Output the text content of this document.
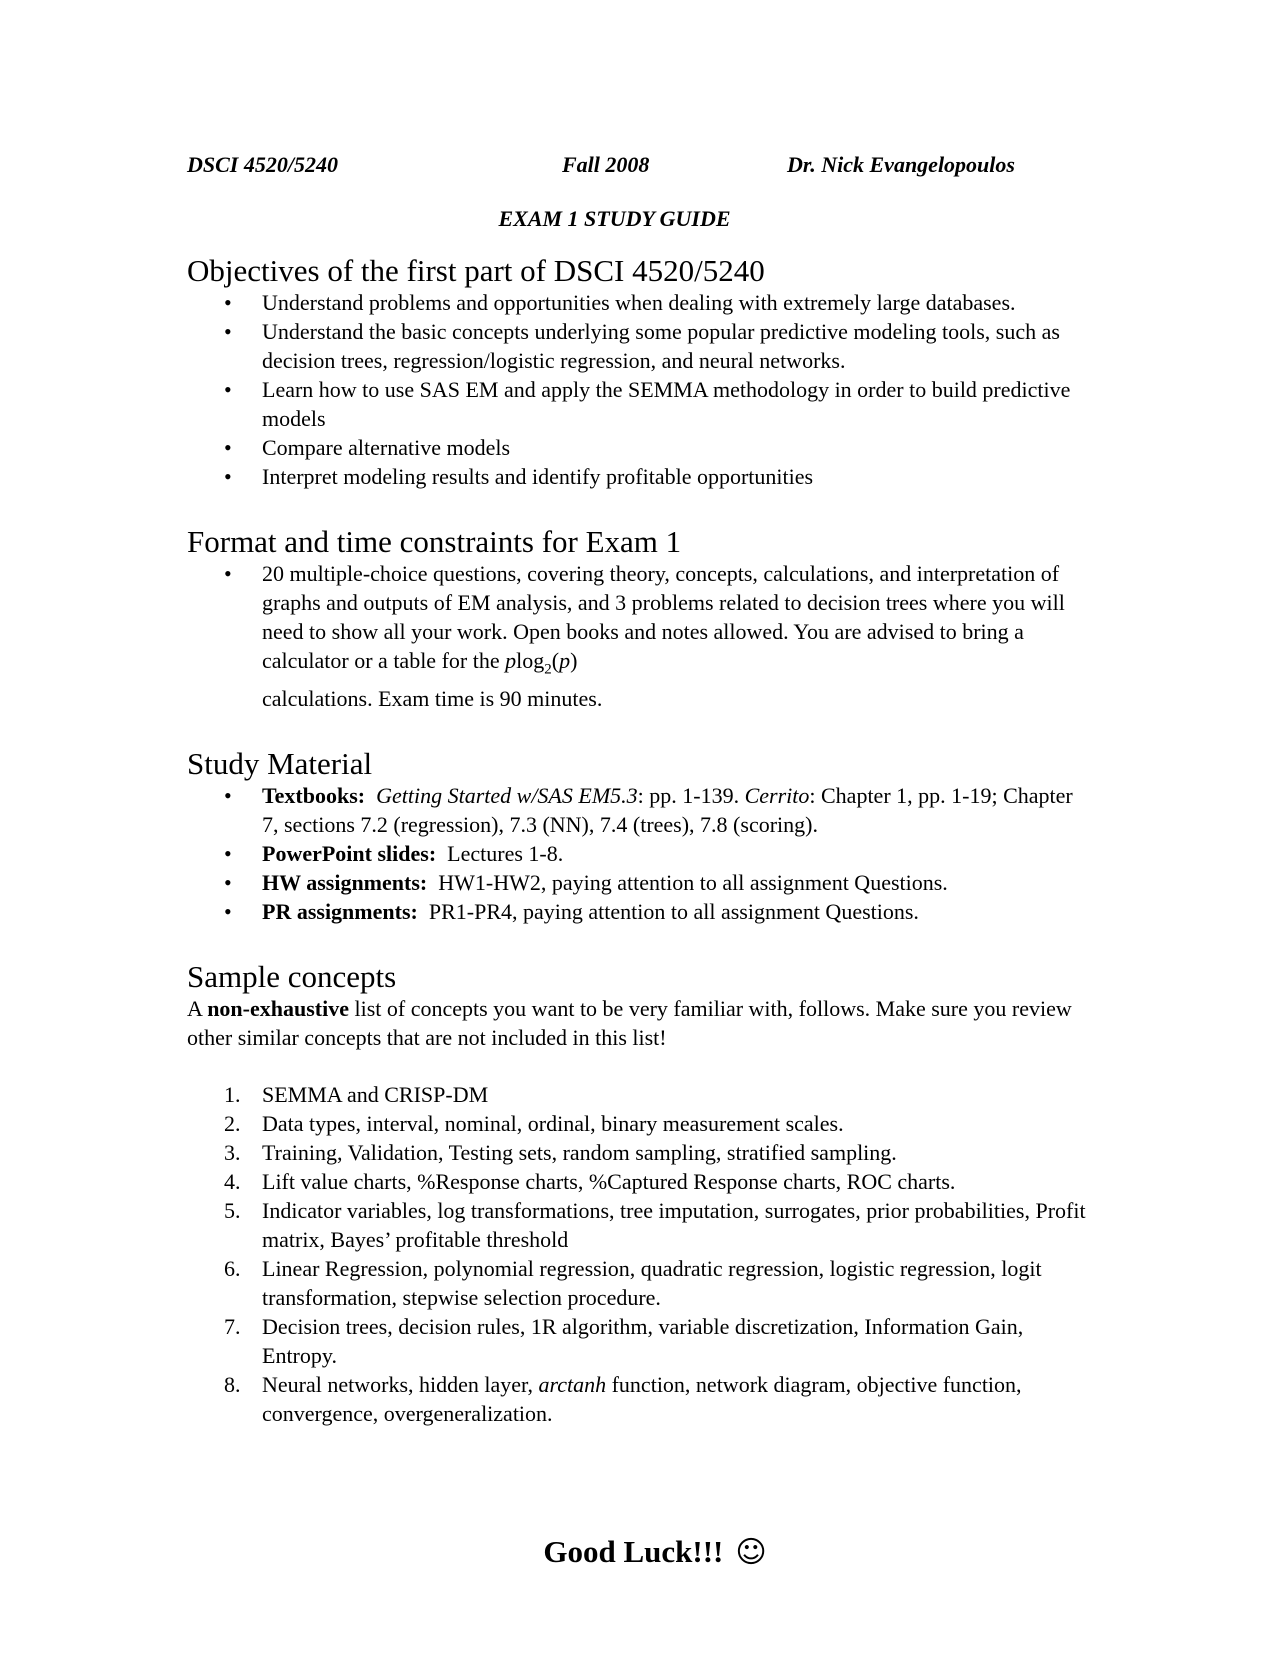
DSCI 4520/5240	Fall 2008	Dr. Nick Evangelopoulos
EXAM 1 STUDY GUIDE
Objectives of the first part of DSCI 4520/5240
• Understand problems and opportunities when dealing with extremely large databases.
• Understand the basic concepts underlying some popular predictive modeling tools, such as decision trees, regression/logistic regression, and neural networks.
• Learn how to use SAS EM and apply the SEMMA methodology in order to build predictive models
• Compare alternative models
• Interpret modeling results and identify profitable opportunities
Format and time constraints for Exam 1
• 20 multiple-choice questions, covering theory, concepts, calculations, and interpretation of graphs and outputs of EM analysis, and 3 problems related to decision trees where you will need to show all your work. Open books and notes allowed. You are advised to bring a calculator or a table for the plog$_2$(p)
calculations. Exam time is 90 minutes.
Study Material
• Textbooks: Getting Started w/SAS EM5.3: pp. 1-139. Cerrito: Chapter 1, pp. 1-19; Chapter 7, sections 7.2 (regression), 7.3 (NN), 7.4 (trees), 7.8 (scoring).
• PowerPoint slides: Lectures 1-8.
• HW assignments: HW1-HW2, paying attention to all assignment Questions.
• PR assignments: PR1-PR4, paying attention to all assignment Questions.
Sample concepts

A non-exhaustive list of concepts you want to be very familiar with, follows. Make sure you review other similar concepts that are not included in this list!

1. SEMMA and CRISP-DM
2. Data types, interval, nominal, ordinal, binary measurement scales.
3. Training, Validation, Testing sets, random sampling, stratified sampling.
4. Lift value charts, %Response charts, %Captured Response charts, ROC charts.
5. Indicator variables, log transformations, tree imputation, surrogates, prior probabilities, Profit matrix, Bayes’ profitable threshold
6. Linear Regression, polynomial regression, quadratic regression, logistic regression, logit transformation, stepwise selection procedure.
7. Decision trees, decision rules, 1R algorithm, variable discretization, Information Gain, Entropy.
8. Neural networks, hidden layer, arctanh function, network diagram, objective function, convergence, overgeneralization.
Good Luck!!! ☺
